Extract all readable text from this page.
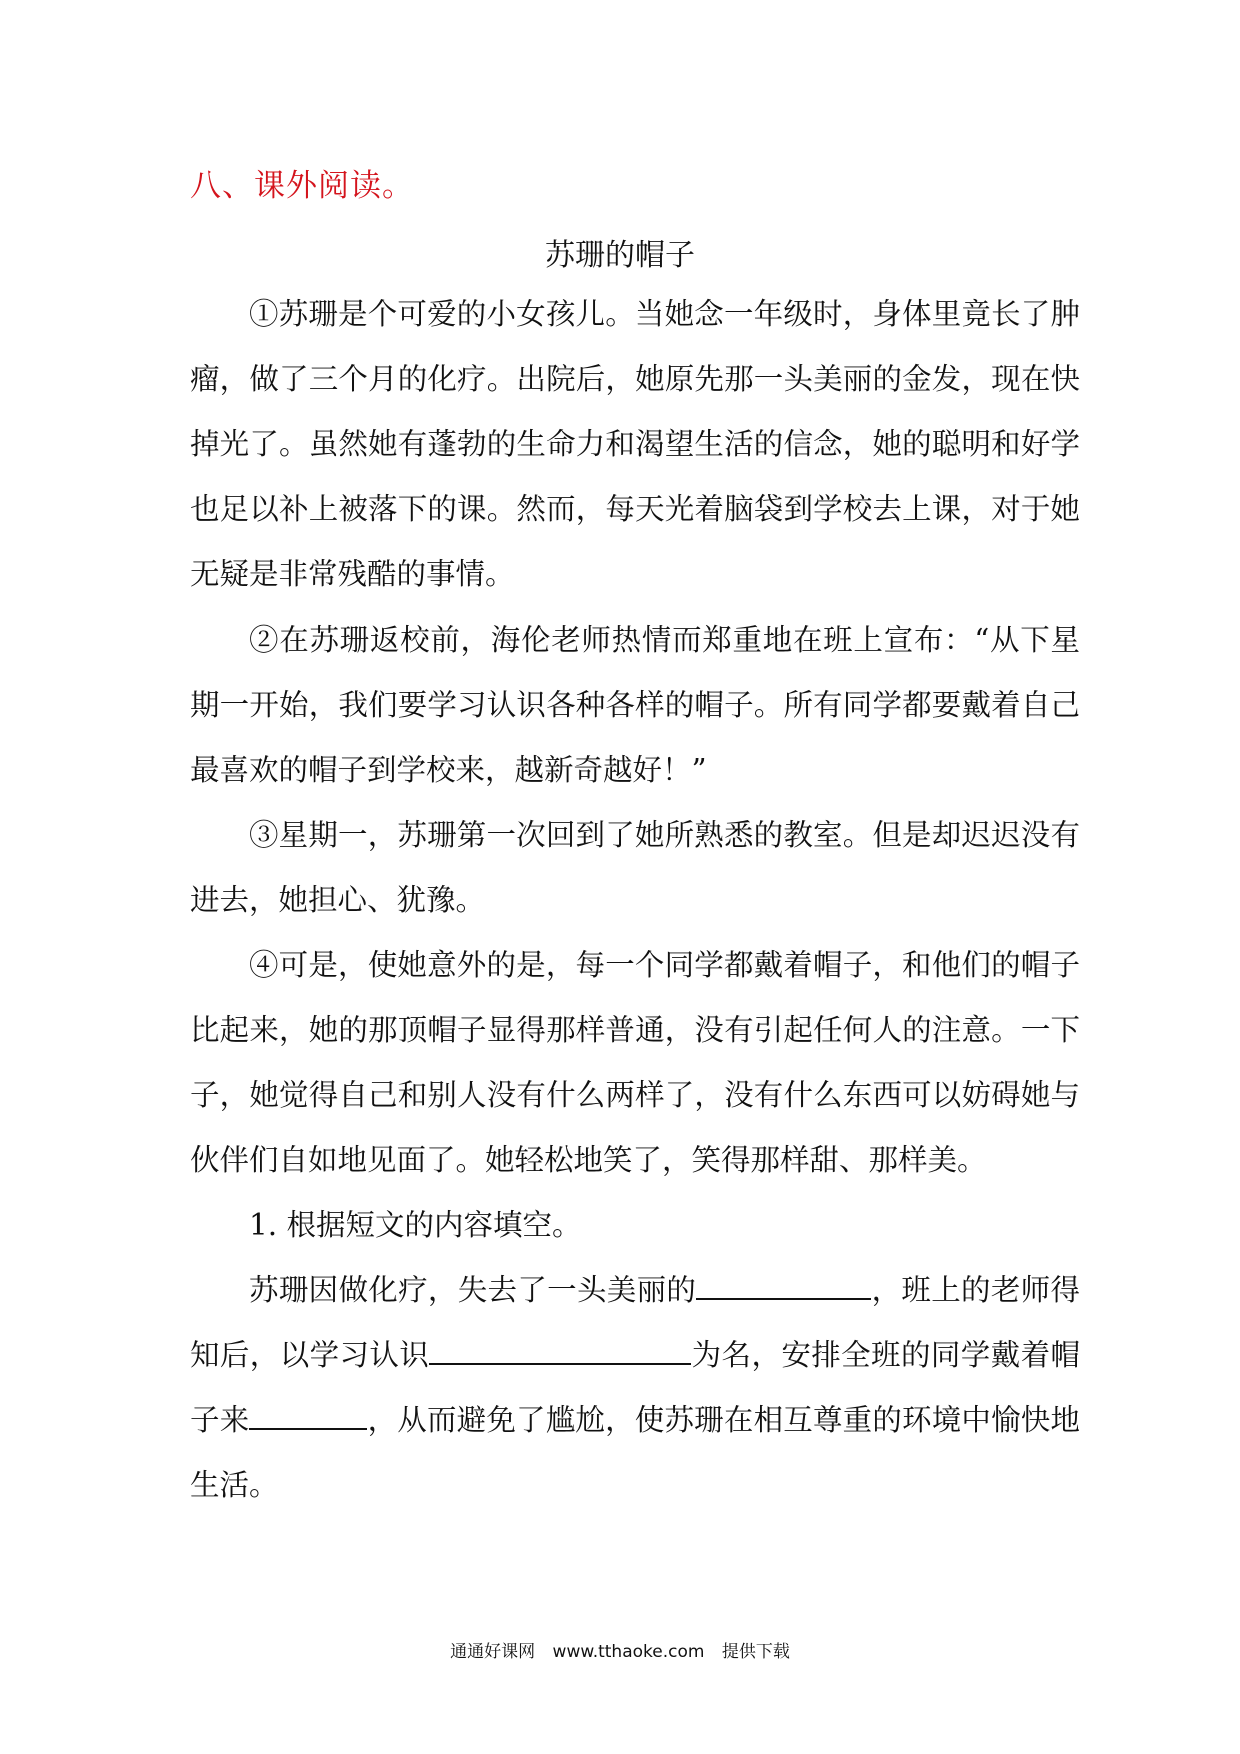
八、课外阅读。
苏珊的帽子

①苏珊是个可爱的小女孩儿。当她念一年级时，身体里竟长了肿瘤，做了三个月的化疗。出院后，她原先那一头美丽的金发，现在快掉光了。虽然她有蓬勃的生命力和渴望生活的信念，她的聪明和好学也足以补上被落下的课。然而，每天光着脑袋到学校去上课，对于她无疑是非常残酷的事情。

②在苏珊返校前，海伦老师热情而郑重地在班上宣布：“从下星期一开始，我们要学习认识各种各样的帽子。所有同学都要戴着自己最喜欢的帽子到学校来，越新奇越好！”

③星期一，苏珊第一次回到了她所熟悉的教室。但是却迟迟没有进去，她担心、犹豫。

④可是，使她意外的是，每一个同学都戴着帽子，和他们的帽子比起来，她的那顶帽子显得那样普通，没有引起任何人的注意。一下子，她觉得自己和别人没有什么两样了，没有什么东西可以妨碍她与伙伴们自如地见面了。她轻松地笑了，笑得那样甜、那样美。

1. 根据短文的内容填空。

苏珊因做化疗，失去了一头美丽的	，班上的老师得知后，以学习认识	为名，安排全班的同学戴着帽子来	，从而避免了尴尬，使苏珊在相互尊重的环境中愉快地生活。

通通好课网 www.tthaoke.com 提供下载
